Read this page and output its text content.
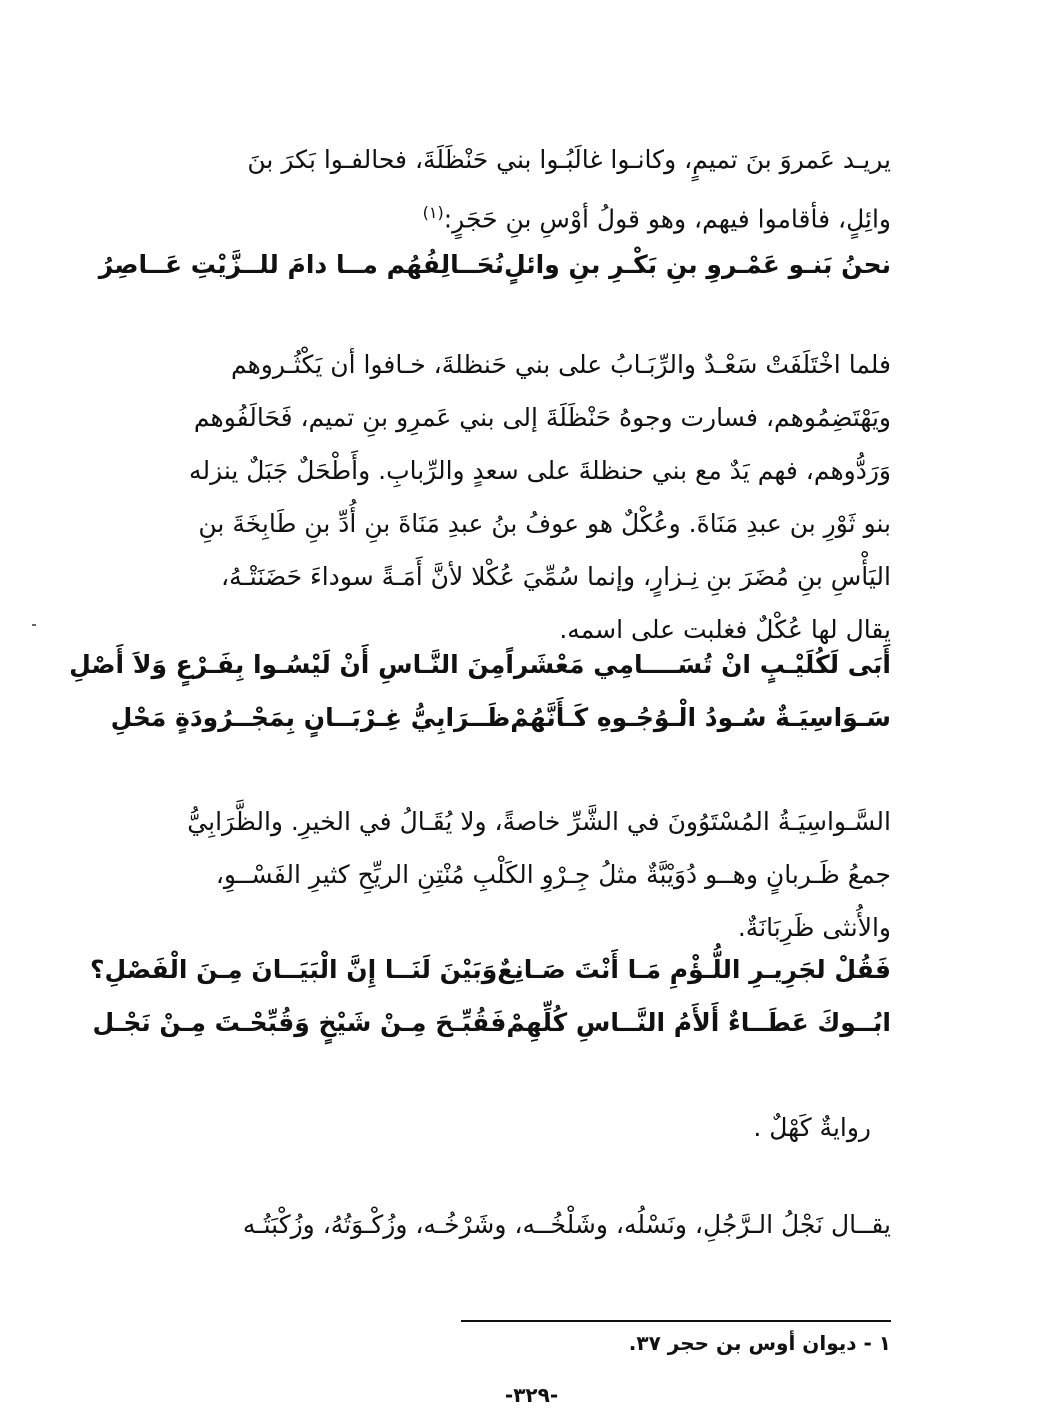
يريـد عَمروَ بنَ تميمٍ، وكانـوا غالَبُـوا بني حَنْظَلَةَ، فحالفـوا بَكرَ بنَ
وائِلٍ، فأقاموا فيهم، وهو قولُ أوْسِ بنِ حَجَرٍ:$^{(١)}$
نحنُ بَنـو عَمْـروِ بنِ بَكْـرِ بنِ وائلٍ
نُحَــالِفُهُم مــا دامَ للــزَّيْتِ عَــاصِرُ
فلما اخْتَلَفَتْ سَعْـدٌ والرِّبَـابُ على بني حَنظلةَ، خـافوا أن يَكْثُـروهم
ويَهْتَضِمُوهم، فسارت وجوهُ حَنْظَلَةَ إلى بني عَمرِو بنِ تميم، فَحَالَفُوهم
وَرَدُّوهم، فهم يَدٌ مع بني حنظلةَ على سعدٍ والرِّبابِ. وأَطْحَلٌ جَبَلٌ ينزله
بنو ثَوْرِ بن عبدِ مَنَاةَ. وعُكْلٌ هو عوفُ بنُ عبدِ مَنَاةَ بنِ أُدِّ بنِ طَابِخَةَ بنِ
اليَأْسِ بنِ مُضَرَ بنِ نِـزارٍ، وإنما سُمِّيَ عُكْلا لأنَّ أَمَـةً سوداءَ حَضَنَتْـهُ،
يقال لها عُكْلٌ فغلبت على اسمه.
أَبَى لَكُلَيْـبٍ انْ تُسَــــامِي مَعْشَراً
مِنَ النَّـاسِ أَنْ لَيْسُـوا بِفَـرْعٍ وَلاَ أَصْلِ
سَـوَاسِيَـةٌ سُـودُ الْـوُجُـوهِ كَـأَنَّهُمْ
ظَــرَابِيُّ غِـرْبَــانٍ بِمَجْــرُودَةٍ مَحْلِ
السَّـواسِيَـةُ المُسْتَوُونَ في الشَّرِّ خاصةً، ولا يُقَـالُ في الخيرِ. والظَّرَابِيُّ
جمعُ ظَـربانٍ وهــو دُوَيْبَّةٌ مثلُ جِـرْوِ الكَلْبِ مُنْتِنِ الريِّحِ كثيرِ الفَسْــوِ،
والأُنثى ظَرِبَانَةٌ.
فَقُلْ لجَرِيـرِ اللُّـؤْمِ مَـا أَنْتَ صَـانِعٌ
وَبَيْنَ لَنَــا إِنَّ الْبَيَــانَ مِـنَ الْفَصْلِ؟
ابُــوكَ عَطَــاءٌ أَلأَمُ النَّــاسِ كُلِّهِمْ
فَقُبِّـحَ مِـنْ شَيْخٍ وَقُبِّحْـتَ مِـنْ نَجْـل
روايةٌ كَهْلٌ .
يقــال نَجْلُ الـرَّجُلِ، ونَسْلُه، وشَلْخُــه، وشَرْخُـه، وزُكْـوَتُهُ، وزُكْبَتُـه
١ - ديوان أوس بن حجر ٣٧.
-٣٢٩-
